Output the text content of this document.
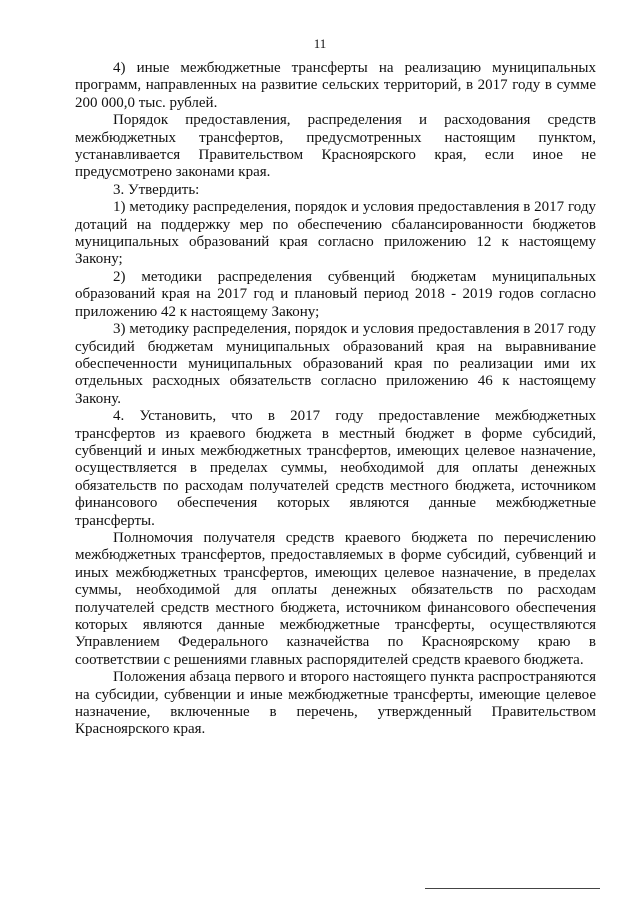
11

4) иные межбюджетные трансферты на реализацию муниципальных программ, направленных на развитие сельских территорий, в 2017 году в сумме 200 000,0 тыс. рублей.

Порядок предоставления, распределения и расходования средств межбюджетных трансфертов, предусмотренных настоящим пунктом, устанавливается Правительством Красноярского края, если иное не предусмотрено законами края.

3. Утвердить:

1) методику распределения, порядок и условия предоставления в 2017 году дотаций на поддержку мер по обеспечению сбалансированности бюджетов муниципальных образований края согласно приложению 12 к настоящему Закону;

2) методики распределения субвенций бюджетам муниципальных образований края на 2017 год и плановый период 2018 - 2019 годов согласно приложению 42 к настоящему Закону;

3) методику распределения, порядок и условия предоставления в 2017 году субсидий бюджетам муниципальных образований края на выравнивание обеспеченности муниципальных образований края по реализации ими их отдельных расходных обязательств согласно приложению 46 к настоящему Закону.

4. Установить, что в 2017 году предоставление межбюджетных трансфертов из краевого бюджета в местный бюджет в форме субсидий, субвенций и иных межбюджетных трансфертов, имеющих целевое назначение, осуществляется в пределах суммы, необходимой для оплаты денежных обязательств по расходам получателей средств местного бюджета, источником финансового обеспечения которых являются данные межбюджетные трансферты.

Полномочия получателя средств краевого бюджета по перечислению межбюджетных трансфертов, предоставляемых в форме субсидий, субвенций и иных межбюджетных трансфертов, имеющих целевое назначение, в пределах суммы, необходимой для оплаты денежных обязательств по расходам получателей средств местного бюджета, источником финансового обеспечения которых являются данные межбюджетные трансферты, осуществляются Управлением Федерального казначейства по Красноярскому краю в соответствии с решениями главных распорядителей средств краевого бюджета.

Положения абзаца первого и второго настоящего пункта распространяются на субсидии, субвенции и иные межбюджетные трансферты, имеющие целевое назначение, включенные в перечень, утвержденный Правительством Красноярского края.
